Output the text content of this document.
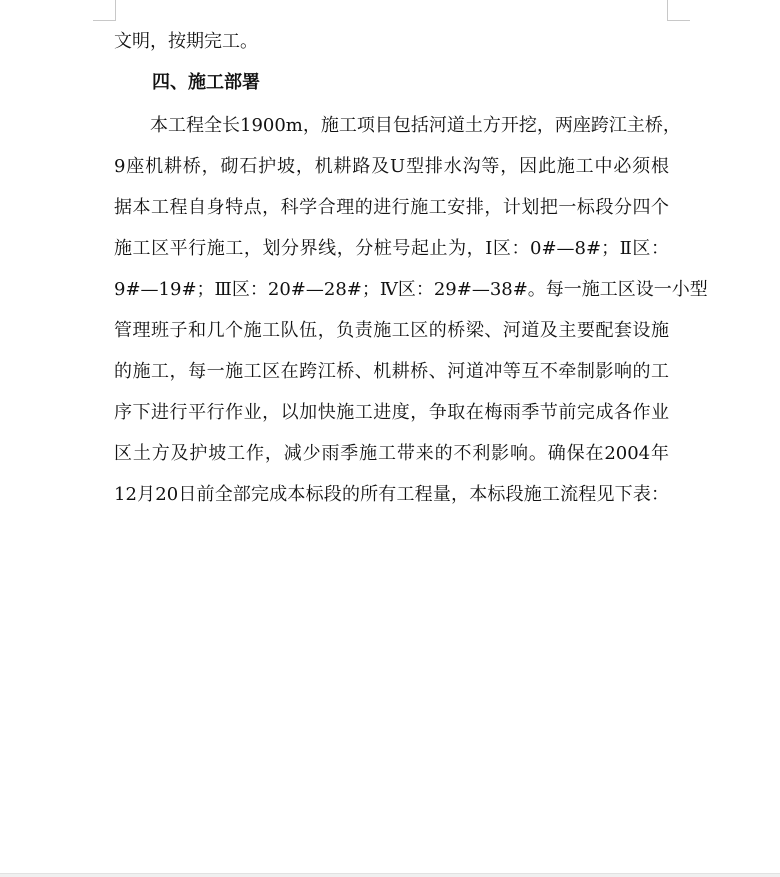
文明，按期完工。
四、施工部署
本工程全长1900m，施工项目包括河道土方开挖，两座跨江主桥，
9座机耕桥，砌石护坡，机耕路及U型排水沟等，因此施工中必须根
据本工程自身特点，科学合理的进行施工安排，计划把一标段分四个
施工区平行施工，划分界线，分桩号起止为，Ⅰ区：0#—8#；Ⅱ区：
9#—19#；Ⅲ区：20#—28#；Ⅳ区：29#—38#。每一施工区设一小型
管理班子和几个施工队伍，负责施工区的桥梁、河道及主要配套设施
的施工，每一施工区在跨江桥、机耕桥、河道冲等互不牵制影响的工
序下进行平行作业，以加快施工进度，争取在梅雨季节前完成各作业
区土方及护坡工作，减少雨季施工带来的不利影响。确保在2004年
12月20日前全部完成本标段的所有工程量，本标段施工流程见下表：
